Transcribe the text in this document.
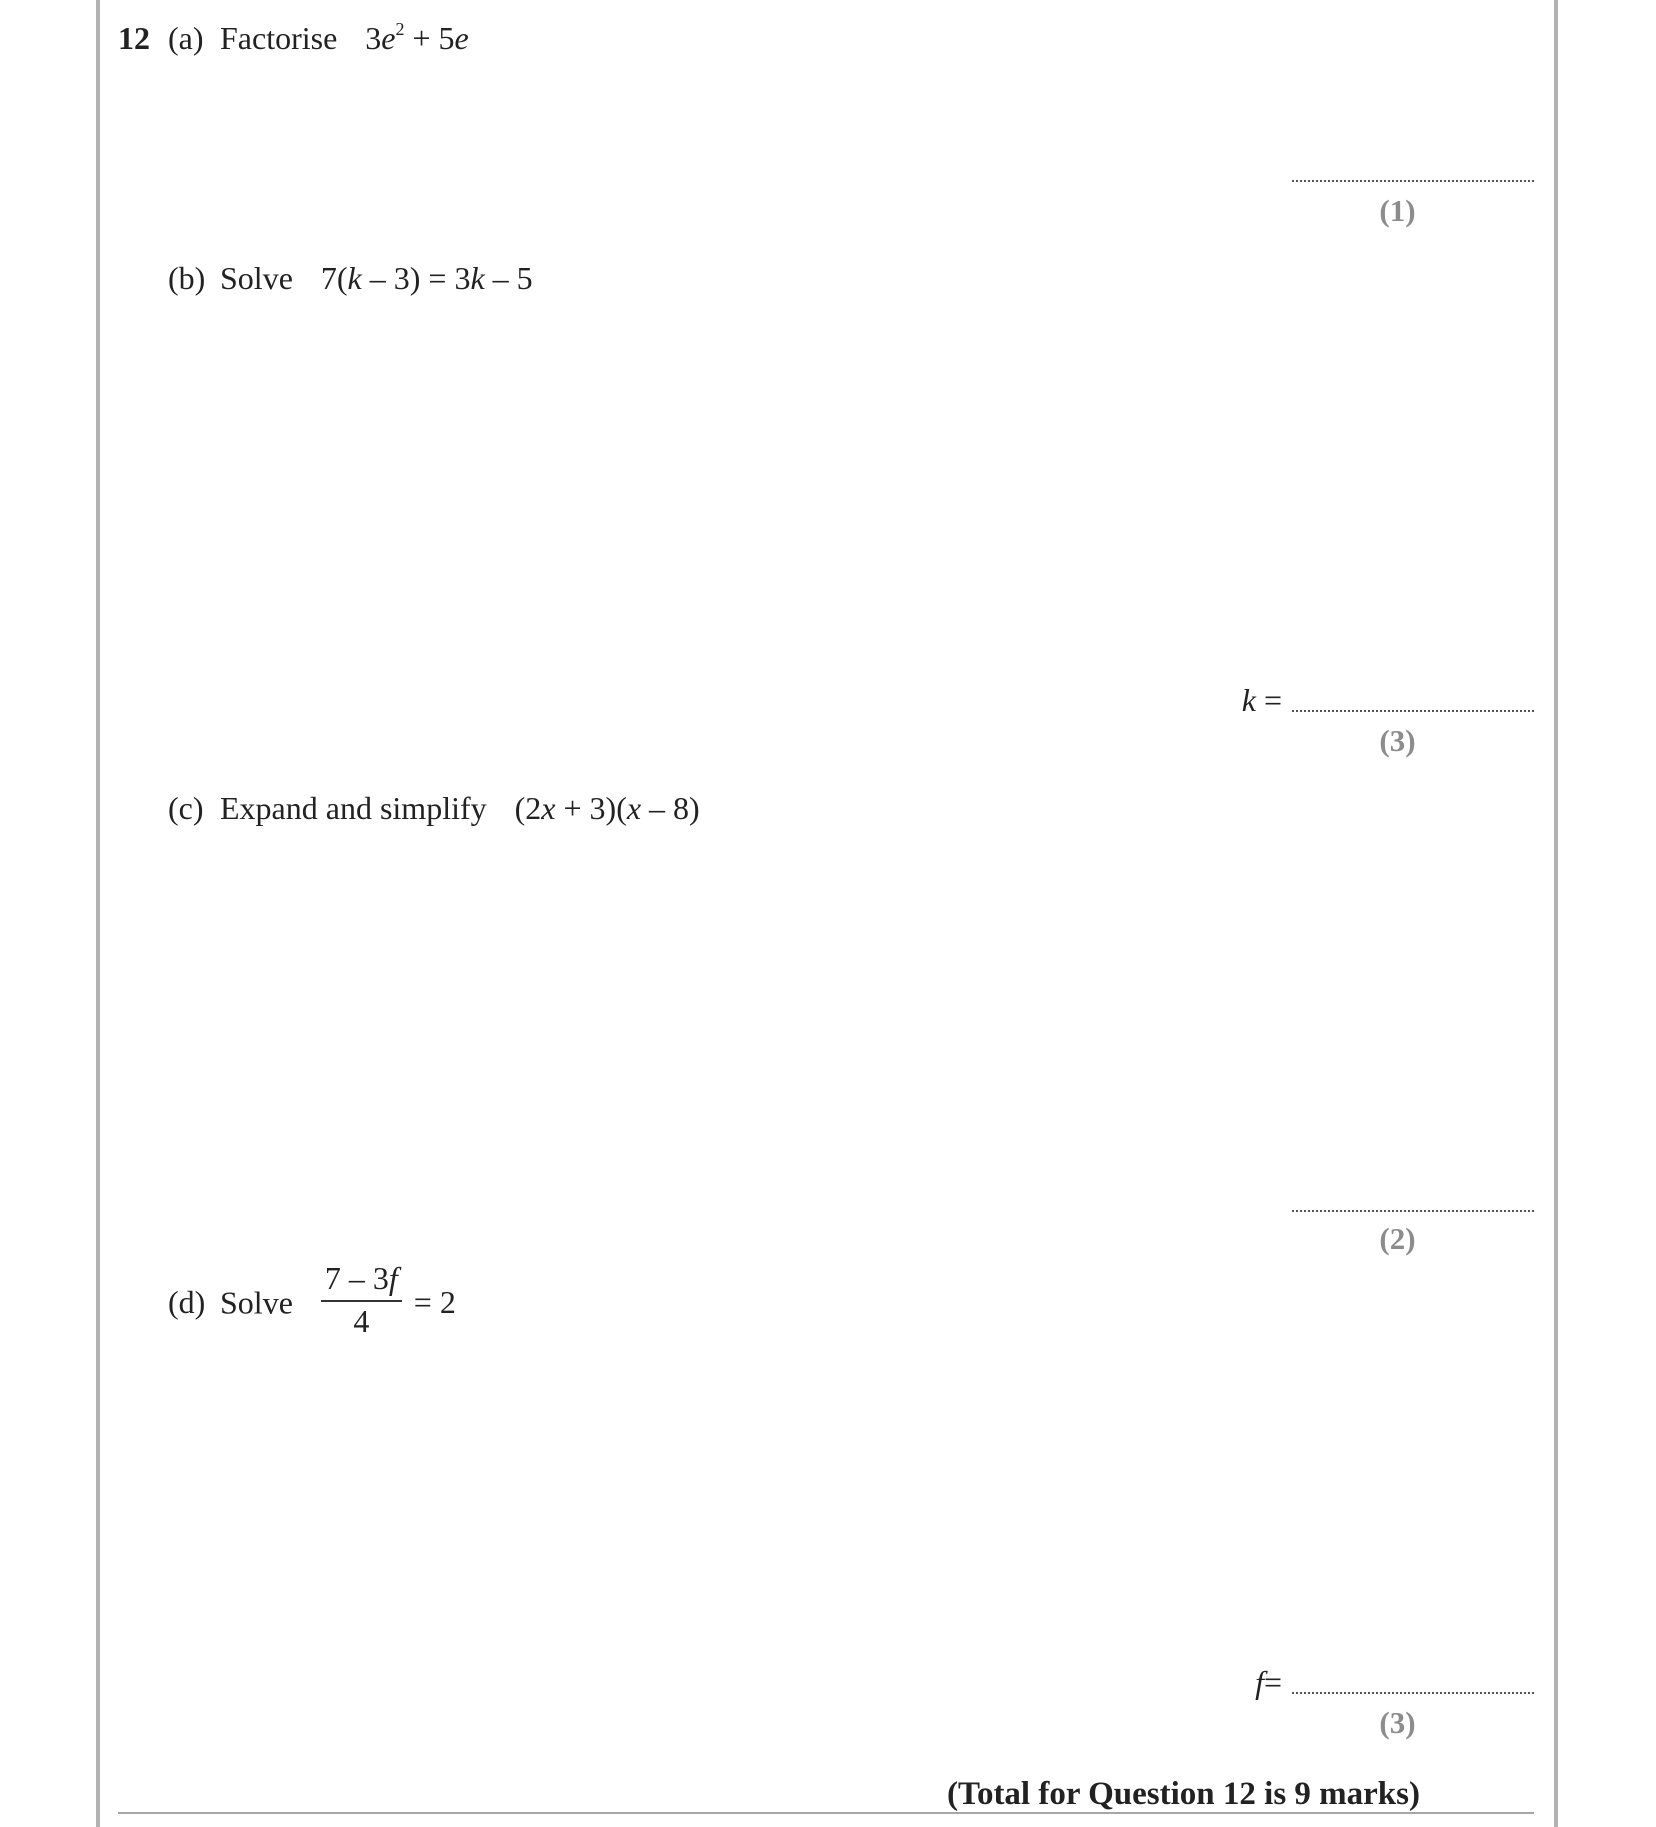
12 (a) Factorise $3e^2 + 5e$
(1)
(b) Solve 7(k – 3) = 3k – 5
k =
(3)
(c) Expand and simplify (2x + 3)(x – 8)
(2)
(d) Solve $\frac{7 - 3f}{4} = 2$
f=
(3)
(Total for Question 12 is 9 marks)
